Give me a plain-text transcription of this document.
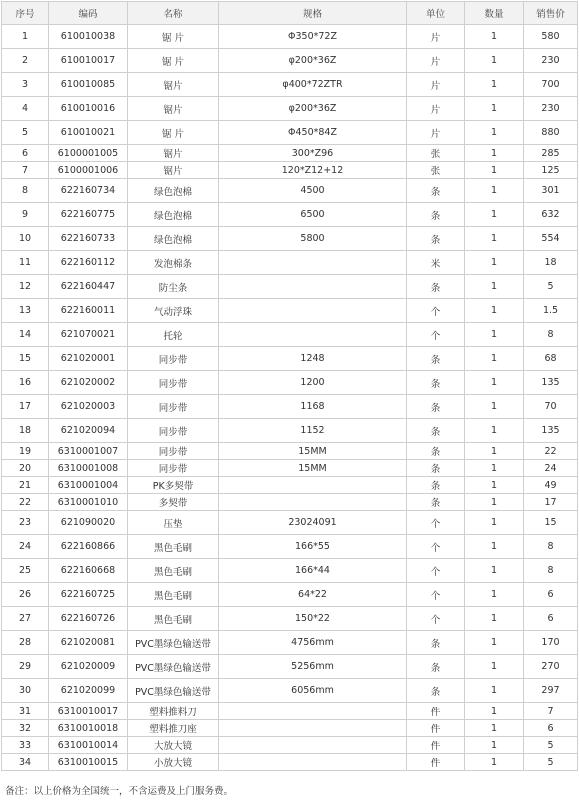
序号	编码	名称	规格	单位	数量	销售价
1	610010038	锯 片	Φ350*72Z	片	1	580
2	610010017	锯 片	φ200*36Z	片	1	230
3	610010085	锯片	φ400*72ZTR	片	1	700
4	610010016	锯片	φ200*36Z	片	1	230
5	610010021	锯 片	Φ450*84Z	片	1	880
6	6100001005	锯片	300*Z96	张	1	285
7	6100001006	锯片	120*Z12+12	张	1	125
8	622160734	绿色泡棉	4500	条	1	301
9	622160775	绿色泡棉	6500	条	1	632
10	622160733	绿色泡棉	5800	条	1	554
11	622160112	发泡棉条		米	1	18
12	622160447	防尘条		条	1	5
13	622160011	气动浮珠		个	1	1.5
14	621070021	托轮		个	1	8
15	621020001	同步带	1248	条	1	68
16	621020002	同步带	1200	条	1	135
17	621020003	同步带	1168	条	1	70
18	621020094	同步带	1152	条	1	135
19	6310001007	同步带	15MM	条	1	22
20	6310001008	同步带	15MM	条	1	24
21	6310001004	PK多契带		条	1	49
22	6310001010	多契带		条	1	17
23	621090020	压垫	23024091	个	1	15
24	622160866	黑色毛刷	166*55	个	1	8
25	622160668	黑色毛刷	166*44	个	1	8
26	622160725	黑色毛刷	64*22	个	1	6
27	622160726	黑色毛刷	150*22	个	1	6
28	621020081	PVC墨绿色输送带	4756mm	条	1	170
29	621020009	PVC墨绿色输送带	5256mm	条	1	270
30	621020099	PVC墨绿色输送带	6056mm	条	1	297
31	6310010017	塑料推料刀		件	1	7
32	6310010018	塑料推刀座		件	1	6
33	6310010014	大放大镜		件	1	5
34	6310010015	小放大镜		件	1	5
备注：以上价格为全国统一，不含运费及上门服务费。
